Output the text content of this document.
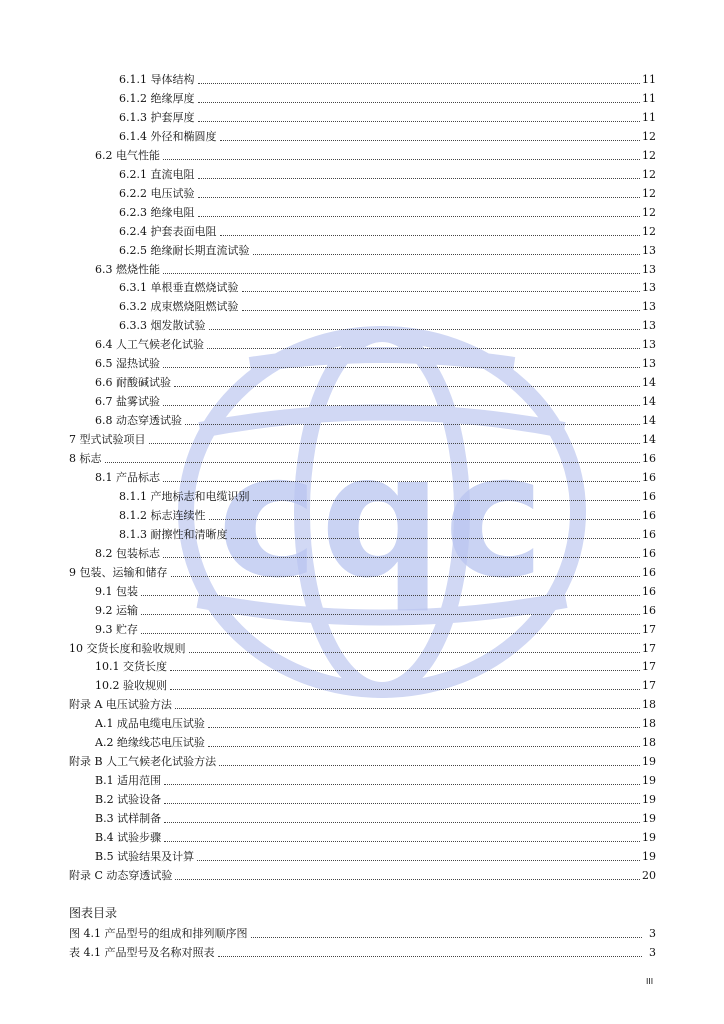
cqc
6.1.1 导体结构	11
6.1.2 绝缘厚度	11
6.1.3 护套厚度	11
6.1.4 外径和椭圆度	12
6.2 电气性能	12
6.2.1 直流电阻	12
6.2.2 电压试验	12
6.2.3 绝缘电阻	12
6.2.4 护套表面电阻	12
6.2.5 绝缘耐长期直流试验	13
6.3 燃烧性能	13
6.3.1 单根垂直燃烧试验	13
6.3.2 成束燃烧阻燃试验	13
6.3.3 烟发散试验	13
6.4 人工气候老化试验	13
6.5 湿热试验	13
6.6 耐酸碱试验	14
6.7 盐雾试验	14
6.8 动态穿透试验	14
7 型式试验项目	14
8 标志	16
8.1 产品标志	16
8.1.1 产地标志和电缆识别	16
8.1.2 标志连续性	16
8.1.3 耐擦性和清晰度	16
8.2 包装标志	16
9 包装、运输和储存	16
9.1 包装	16
9.2 运输	16
9.3 贮存	17
10 交货长度和验收规则	17
10.1 交货长度	17
10.2 验收规则	17
附录 A 电压试验方法	18
A.1 成品电缆电压试验	18
A.2 绝缘线芯电压试验	18
附录 B 人工气候老化试验方法	19
B.1 适用范围	19
B.2 试验设备	19
B.3 试样制备	19
B.4 试验步骤	19
B.5 试验结果及计算	19
附录 C 动态穿透试验	20
图表目录
图 4.1 产品型号的组成和排列顺序图	3
表 4.1 产品型号及名称对照表	3
III
